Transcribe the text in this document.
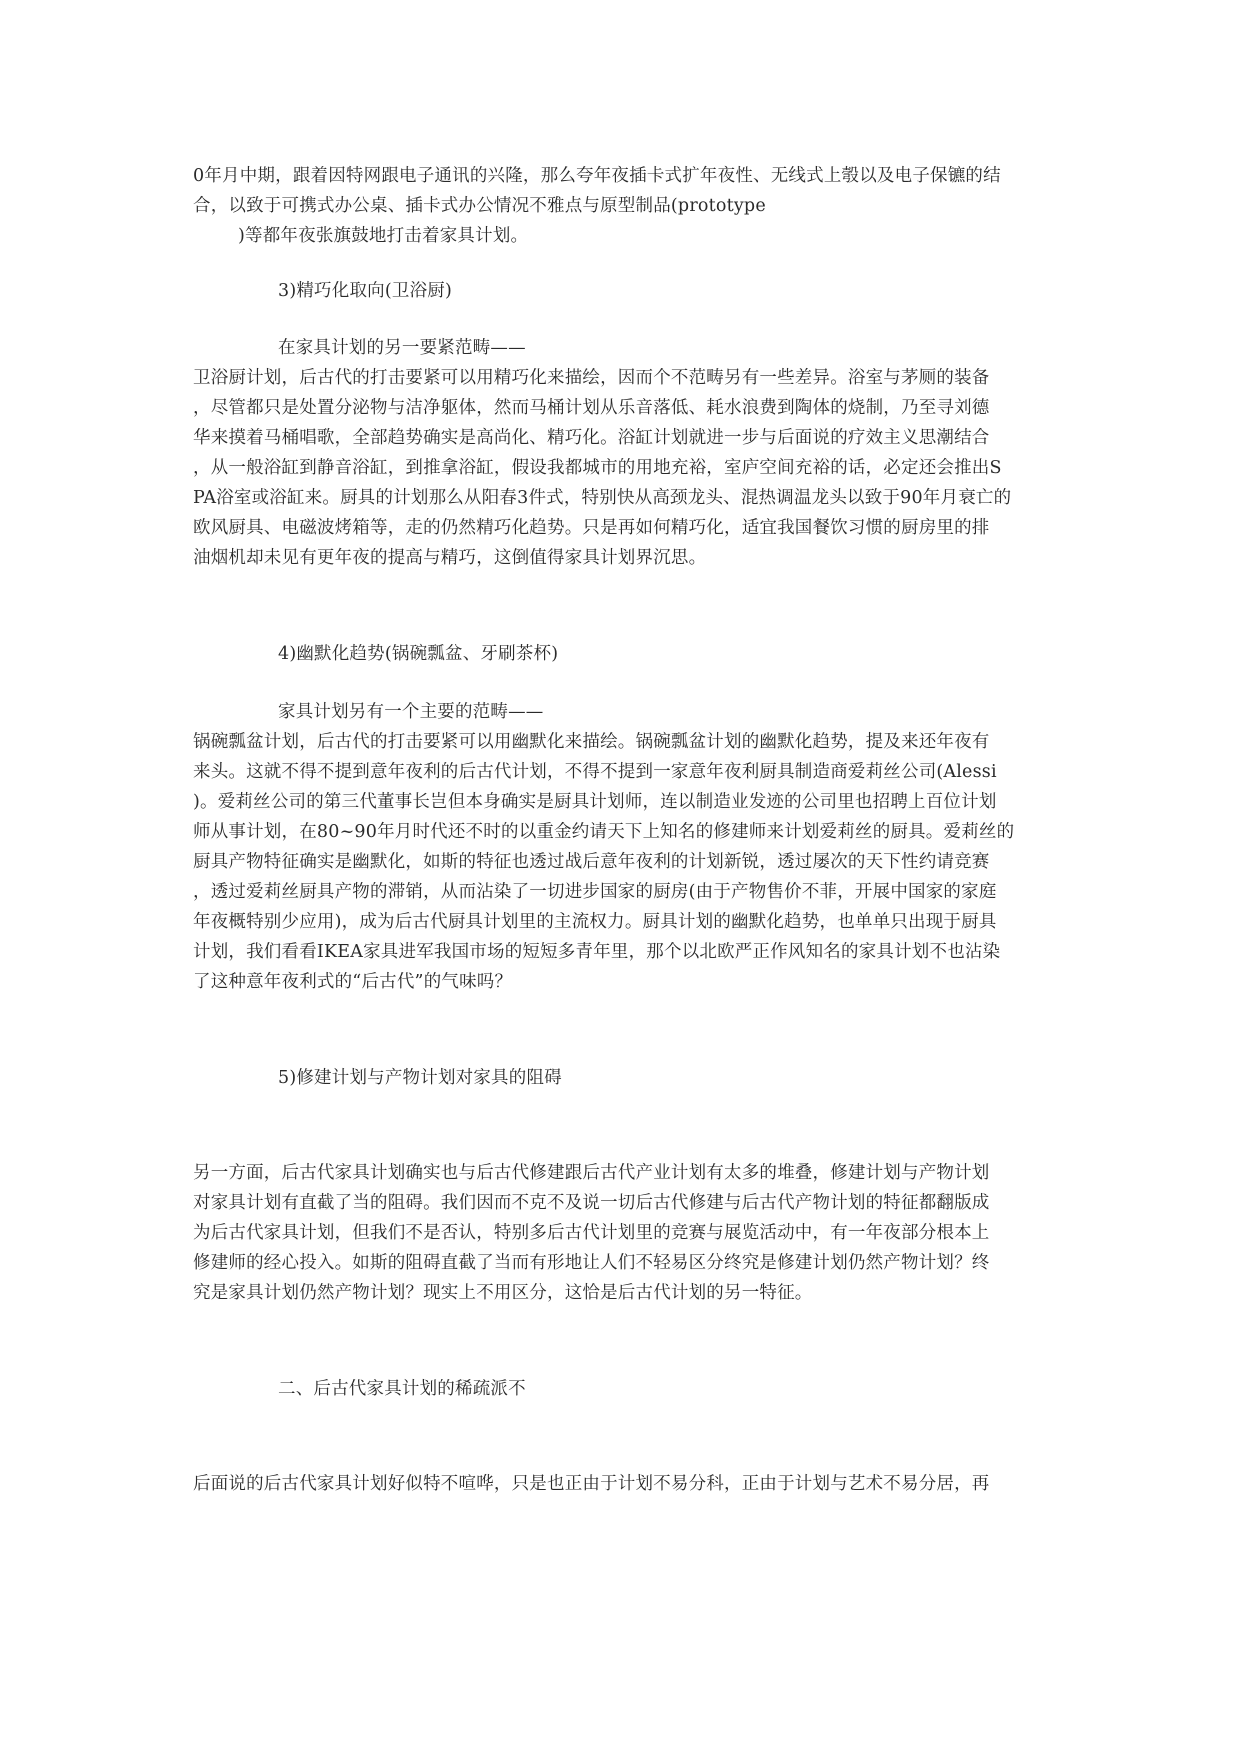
0年月中期，跟着因特网跟电子通讯的兴隆，那么夸年夜插卡式扩年夜性、无线式上彀以及电子保镳的结
合，以致于可携式办公桌、插卡式办公情况不雅点与原型制品(prototype
)等都年夜张旗鼓地打击着家具计划。
3)精巧化取向(卫浴厨)
在家具计划的另一要紧范畴——
卫浴厨计划，后古代的打击要紧可以用精巧化来描绘，因而个不范畴另有一些差异。浴室与茅厕的装备
，尽管都只是处置分泌物与洁净躯体，然而马桶计划从乐音落低、耗水浪费到陶体的烧制，乃至寻刘德
华来摸着马桶唱歌，全部趋势确实是高尚化、精巧化。浴缸计划就进一步与后面说的疗效主义思潮结合
，从一般浴缸到静音浴缸，到推拿浴缸，假设我都城市的用地充裕，室庐空间充裕的话，必定还会推出S
PA浴室或浴缸来。厨具的计划那么从阳春3件式，特别快从高颈龙头、混热调温龙头以致于90年月衰亡的
欧风厨具、电磁波烤箱等，走的仍然精巧化趋势。只是再如何精巧化，适宜我国餐饮习惯的厨房里的排
油烟机却未见有更年夜的提高与精巧，这倒值得家具计划界沉思。
4)幽默化趋势(锅碗瓢盆、牙刷茶杯)
家具计划另有一个主要的范畴——
锅碗瓢盆计划，后古代的打击要紧可以用幽默化来描绘。锅碗瓢盆计划的幽默化趋势，提及来还年夜有
来头。这就不得不提到意年夜利的后古代计划，不得不提到一家意年夜利厨具制造商爱莉丝公司(Alessi
)。爱莉丝公司的第三代董事长岂但本身确实是厨具计划师，连以制造业发迹的公司里也招聘上百位计划
师从事计划，在80~90年月时代还不时的以重金约请天下上知名的修建师来计划爱莉丝的厨具。爱莉丝的
厨具产物特征确实是幽默化，如斯的特征也透过战后意年夜利的计划新锐，透过屡次的天下性约请竞赛
，透过爱莉丝厨具产物的滞销，从而沾染了一切进步国家的厨房(由于产物售价不菲，开展中国家的家庭
年夜概特别少应用)，成为后古代厨具计划里的主流权力。厨具计划的幽默化趋势，也单单只出现于厨具
计划，我们看看IKEA家具进军我国市场的短短多青年里，那个以北欧严正作风知名的家具计划不也沾染
了这种意年夜利式的“后古代”的气味吗？
5)修建计划与产物计划对家具的阻碍
另一方面，后古代家具计划确实也与后古代修建跟后古代产业计划有太多的堆叠，修建计划与产物计划
对家具计划有直截了当的阻碍。我们因而不克不及说一切后古代修建与后古代产物计划的特征都翻版成
为后古代家具计划，但我们不是否认，特别多后古代计划里的竞赛与展览活动中，有一年夜部分根本上
修建师的经心投入。如斯的阻碍直截了当而有形地让人们不轻易区分终究是修建计划仍然产物计划？终
究是家具计划仍然产物计划？现实上不用区分，这恰是后古代计划的另一特征。
二、后古代家具计划的稀疏派不
后面说的后古代家具计划好似特不喧哗，只是也正由于计划不易分科，正由于计划与艺术不易分居，再
